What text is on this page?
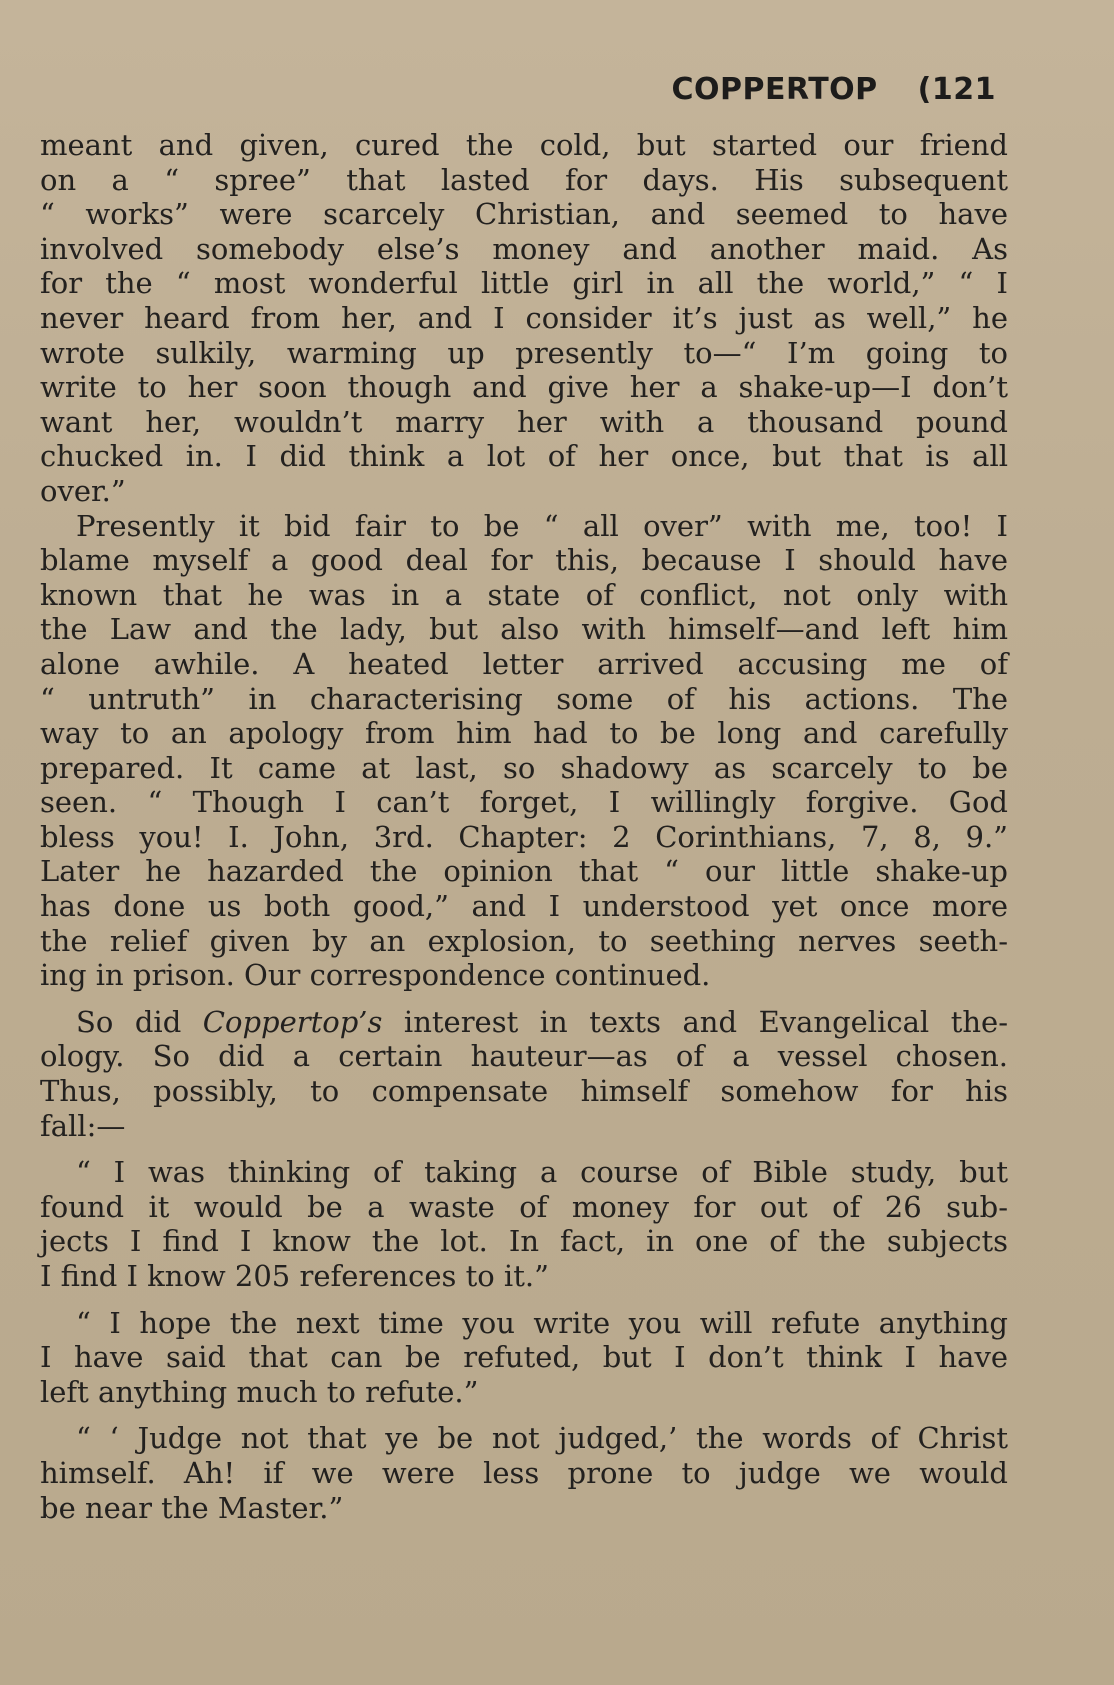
COPPERTOP (121
meant and given, cured the cold, but started our friend
on a “ spree” that lasted for days. His subsequent
“ works” were scarcely Christian, and seemed to have
involved somebody else’s money and another maid. As
for the “ most wonderful little girl in all the world,” “ I
never heard from her, and I consider it’s just as well,” he
wrote sulkily, warming up presently to—“ I’m going to
write to her soon though and give her a shake-up—I don’t
want her, wouldn’t marry her with a thousand pound
chucked in. I did think a lot of her once, but that is all
over.”
Presently it bid fair to be “ all over” with me, too! I
blame myself a good deal for this, because I should have
known that he was in a state of conflict, not only with
the Law and the lady, but also with himself—and left him
alone awhile. A heated letter arrived accusing me of
“ untruth” in characterising some of his actions. The
way to an apology from him had to be long and carefully
prepared. It came at last, so shadowy as scarcely to be
seen. “ Though I can’t forget, I willingly forgive. God
bless you! I. John, 3rd. Chapter: 2 Corinthians, 7, 8, 9.”
Later he hazarded the opinion that “ our little shake-up
has done us both good,” and I understood yet once more
the relief given by an explosion, to seething nerves seeth-
ing in prison. Our correspondence continued.
So did Coppertop’s interest in texts and Evangelical the-
ology. So did a certain hauteur—as of a vessel chosen.
Thus, possibly, to compensate himself somehow for his
fall:—
“ I was thinking of taking a course of Bible study, but
found it would be a waste of money for out of 26 sub-
jects I find I know the lot. In fact, in one of the subjects
I find I know 205 references to it.”
“ I hope the next time you write you will refute anything
I have said that can be refuted, but I don’t think I have
left anything much to refute.”
“ ‘ Judge not that ye be not judged,’ the words of Christ
himself. Ah! if we were less prone to judge we would
be near the Master.”
